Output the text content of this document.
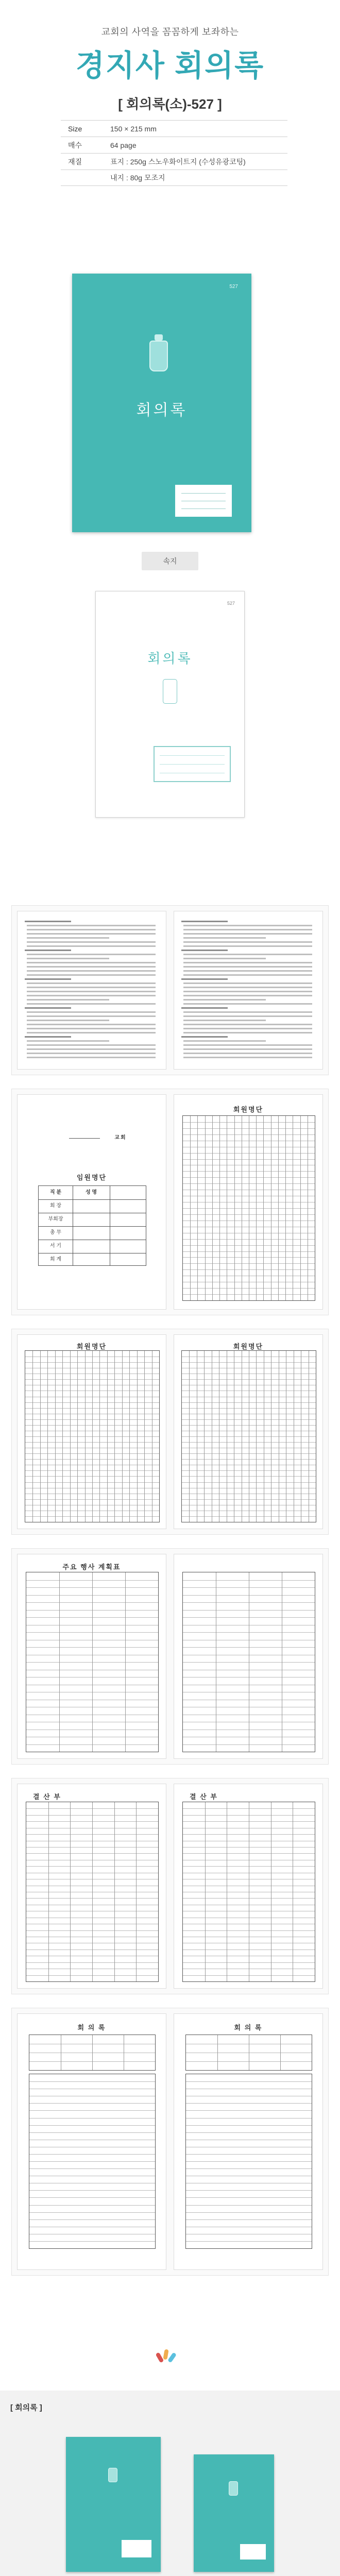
교회의 사역을 꼼꼼하게 보좌하는
경지사 회의록
[ 회의록(소)-527 ]
Size	150 × 215 mm
매수	64 page
재질	표지 : 250g 스노우화이트지 (수성유광코팅)
내지 : 80g 모조지
527
회의록
속지
527
회의록
교회
임원명단
직 분	성 명
회 장
부회장
총 무
서 기
회 계
회원명단
회원명단	회원명단
주요 행사 계획표
결 산 부	결 산 부
회 의 록	회 의 록
[ 회의록 ]
